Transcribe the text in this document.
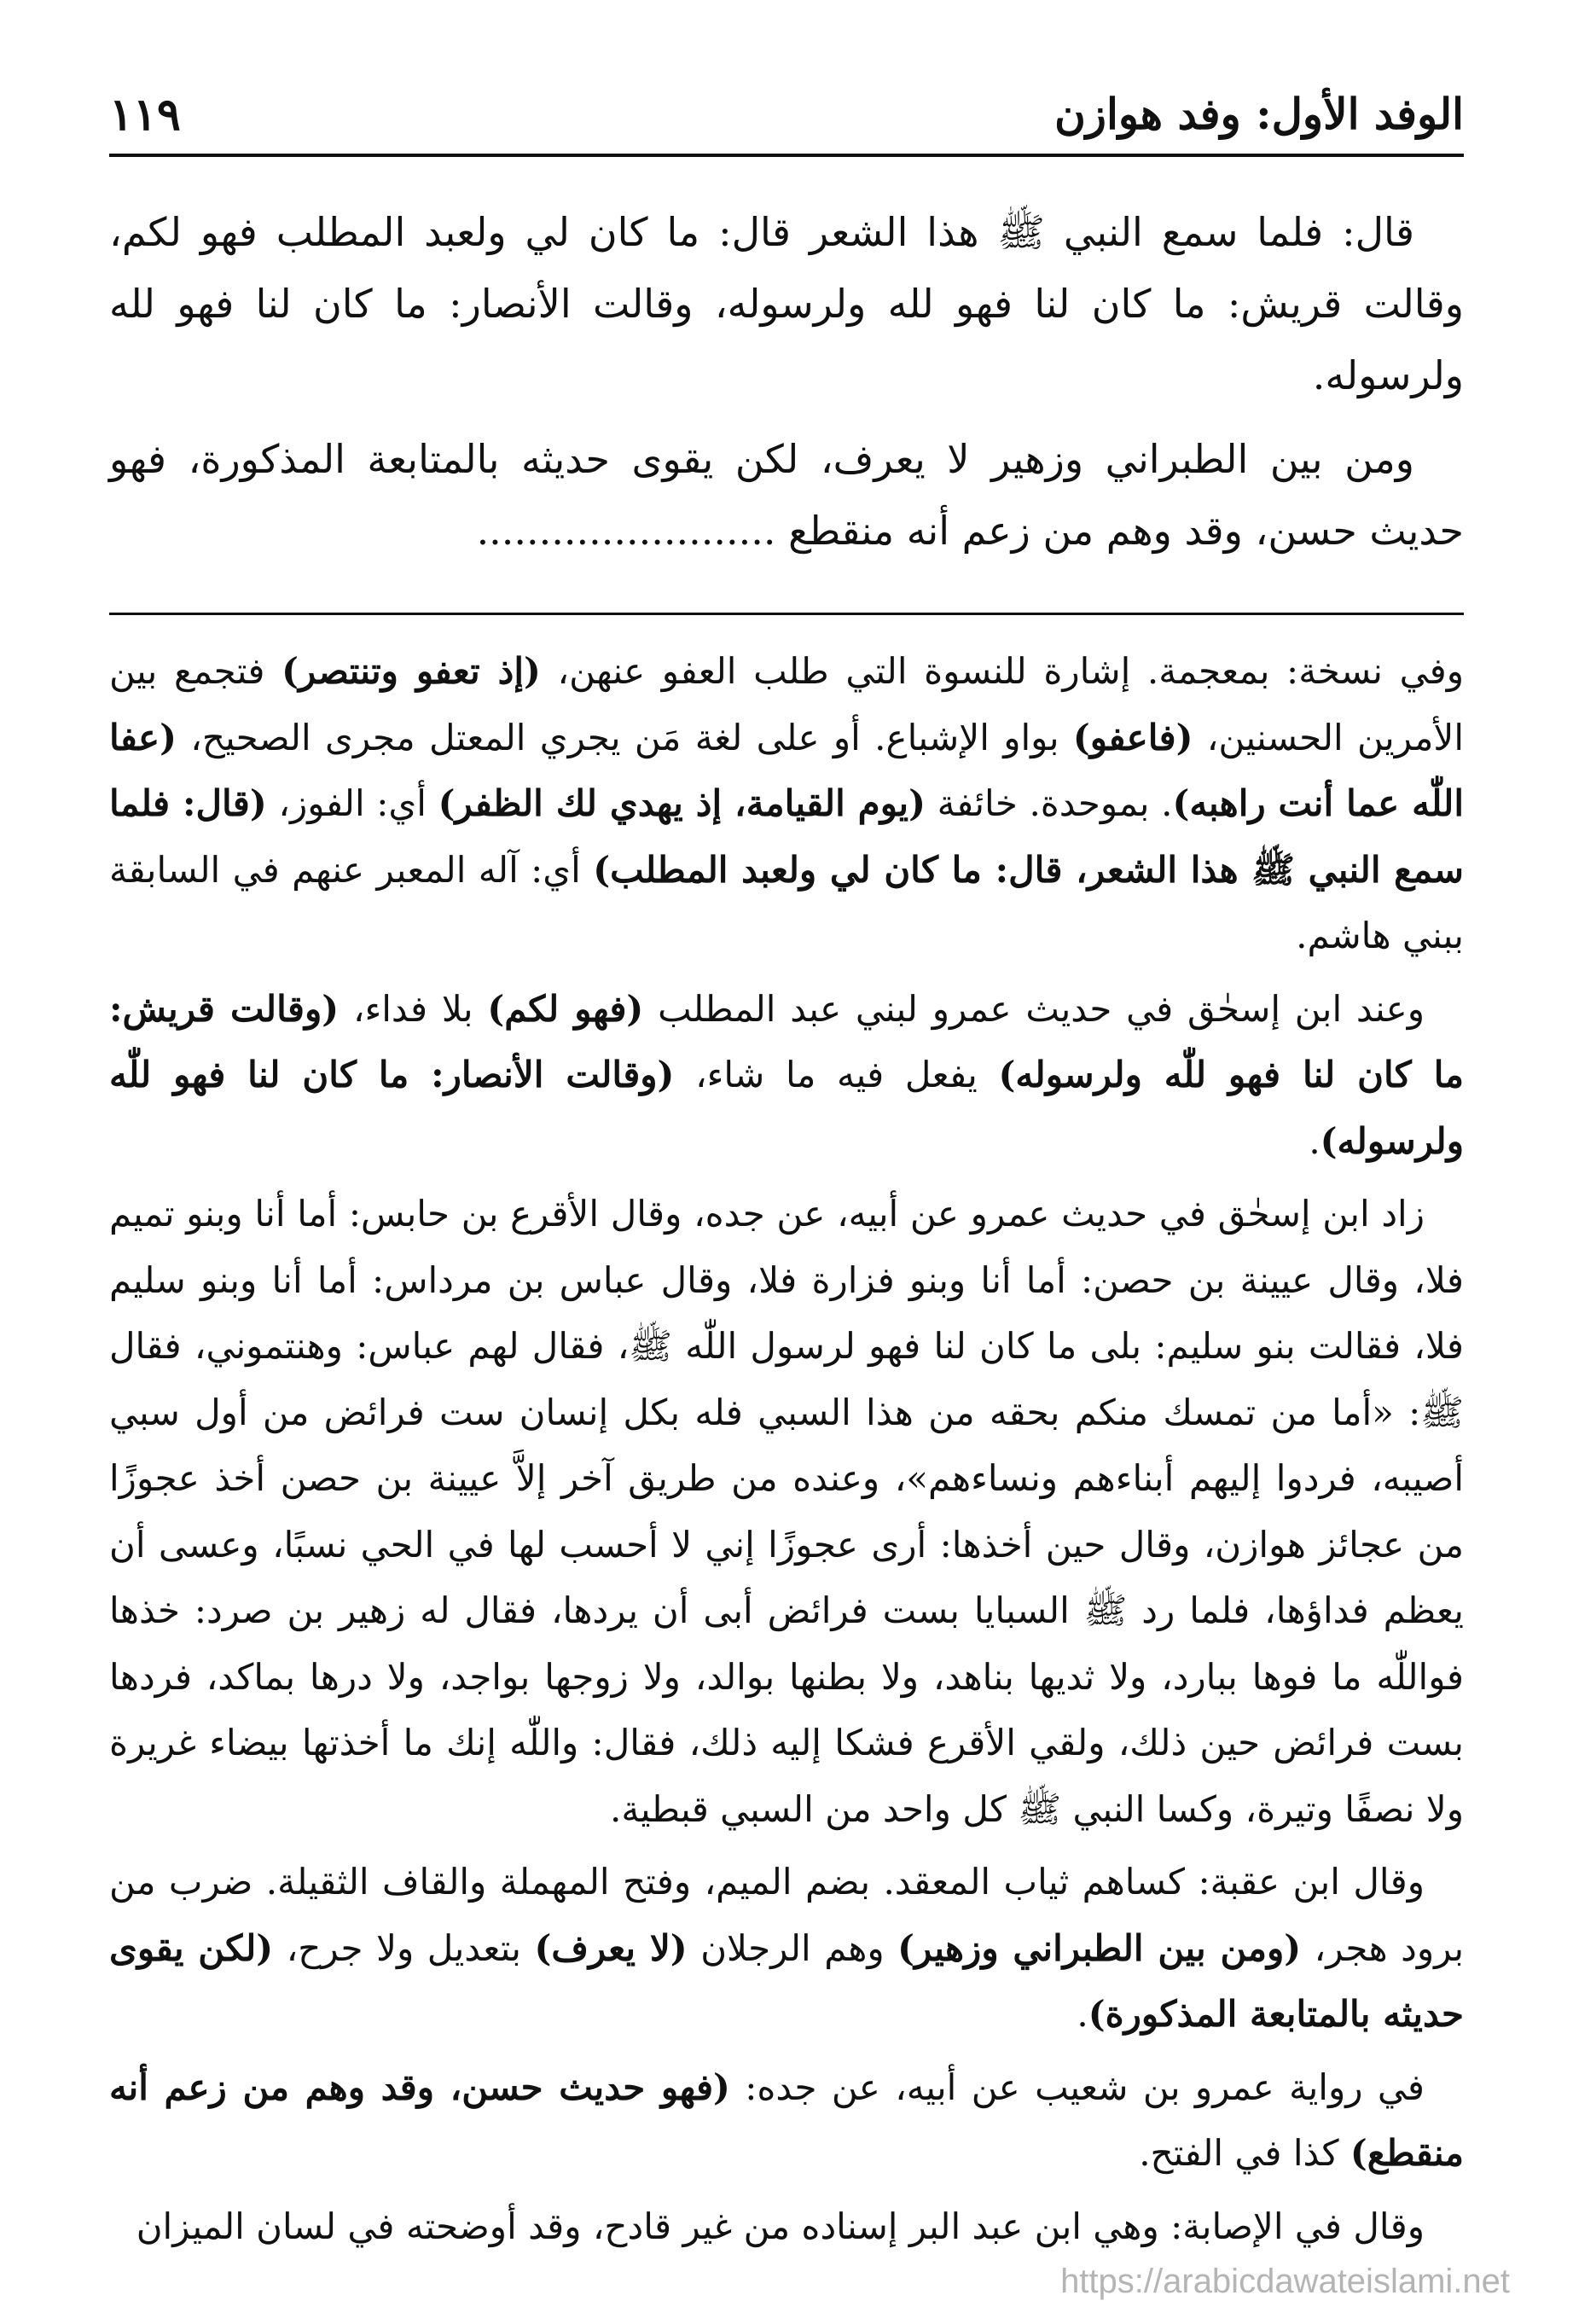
الوفد الأول: وفد هوازن
١١٩

قال: فلما سمع النبي ﷺ هذا الشعر قال: ما كان لي ولعبد المطلب فهو لكم، وقالت قريش: ما كان لنا فهو لله ولرسوله، وقالت الأنصار: ما كان لنا فهو لله ولرسوله.

ومن بين الطبراني وزهير لا يعرف، لكن يقوى حديثه بالمتابعة المذكورة، فهو حديث حسن، وقد وهم من زعم أنه منقطع ........................

وفي نسخة: بمعجمة. إشارة للنسوة التي طلب العفو عنهن، (إذ تعفو وتنتصر) فتجمع بين الأمرين الحسنين، (فاعفو) بواو الإشباع. أو على لغة مَن يجري المعتل مجرى الصحيح، (عفا اللّٰه عما أنت راهبه). بموحدة. خائفة (يوم القيامة، إذ يهدي لك الظفر) أي: الفوز، (قال: فلما سمع النبي ﷺ هذا الشعر، قال: ما كان لي ولعبد المطلب) أي: آله المعبر عنهم في السابقة ببني هاشم.

وعند ابن إسحٰق في حديث عمرو لبني عبد المطلب (فهو لكم) بلا فداء، (وقالت قريش: ما كان لنا فهو للّٰه ولرسوله) يفعل فيه ما شاء، (وقالت الأنصار: ما كان لنا فهو للّٰه ولرسوله).

زاد ابن إسحٰق في حديث عمرو عن أبيه، عن جده، وقال الأقرع بن حابس: أما أنا وبنو تميم فلا، وقال عيينة بن حصن: أما أنا وبنو فزارة فلا، وقال عباس بن مرداس: أما أنا وبنو سليم فلا، فقالت بنو سليم: بلى ما كان لنا فهو لرسول اللّٰه ﷺ، فقال لهم عباس: وهنتموني، فقال ﷺ: «أما من تمسك منكم بحقه من هذا السبي فله بكل إنسان ست فرائض من أول سبي أصيبه، فردوا إليهم أبناءهم ونساءهم»، وعنده من طريق آخر إلاَّ عيينة بن حصن أخذ عجوزًا من عجائز هوازن، وقال حين أخذها: أرى عجوزًا إني لا أحسب لها في الحي نسبًا، وعسى أن يعظم فداؤها، فلما رد ﷺ السبايا بست فرائض أبى أن يردها، فقال له زهير بن صرد: خذها فواللّٰه ما فوها ببارد، ولا ثديها بناهد، ولا بطنها بوالد، ولا زوجها بواجد، ولا درها بماكد، فردها بست فرائض حين ذلك، ولقي الأقرع فشكا إليه ذلك، فقال: واللّٰه إنك ما أخذتها بيضاء غريرة ولا نصفًا وتيرة، وكسا النبي ﷺ كل واحد من السبي قبطية.

وقال ابن عقبة: كساهم ثياب المعقد. بضم الميم، وفتح المهملة والقاف الثقيلة. ضرب من برود هجر، (ومن بين الطبراني وزهير) وهم الرجلان (لا يعرف) بتعديل ولا جرح، (لكن يقوى حديثه بالمتابعة المذكورة).

في رواية عمرو بن شعيب عن أبيه، عن جده: (فهو حديث حسن، وقد وهم من زعم أنه منقطع) كذا في الفتح.

وقال في الإصابة: وهي ابن عبد البر إسناده من غير قادح، وقد أوضحته في لسان الميزان

https://arabicdawateislami.net
